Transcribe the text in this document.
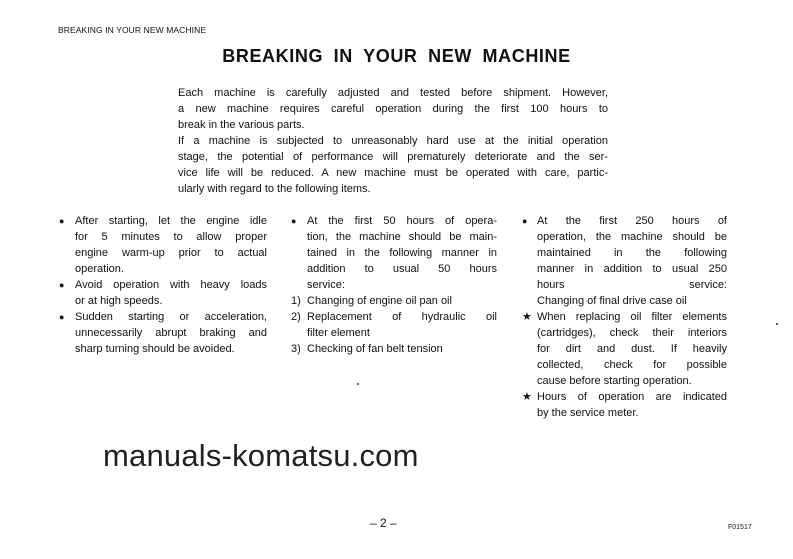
BREAKING IN YOUR NEW MACHINE
BREAKING IN YOUR NEW MACHINE
Each machine is carefully adjusted and tested before shipment. However,
a new machine requires careful operation during the first 100 hours to
break in the various parts.
If a machine is subjected to unreasonably hard use at the initial operation
stage, the potential of performance will prematurely deteriorate and the ser-
vice life will be reduced. A new machine must be operated with care, partic-
ularly with regard to the following items.
After starting, let the engine idle
for 5 minutes to allow proper
engine warm-up prior to actual
operation.
●
Avoid operation with heavy loads
or at high speeds.
●
Sudden starting or acceleration,
unnecessarily abrupt braking and
sharp turning should be avoided.
●
At the first 50 hours of opera-
tion, the machine should be main-
tained in the following manner in
addition to usual 50 hours
service:
●
Changing of engine oil pan oil
1)
Replacement of hydraulic oil
filter element
2)
Checking of fan belt tension
3)
At the first 250 hours of
operation, the machine should be
maintained in the following
manner in addition to usual 250
hours service:
Changing of final drive case oil
●
When replacing oil filter elements
(cartridges), check their interiors
for dirt and dust. If heavily
collected, check for possible
cause before starting operation.
★
Hours of operation are indicated
by the service meter.
★
manuals-komatsu.com
– 2 –	F01517
